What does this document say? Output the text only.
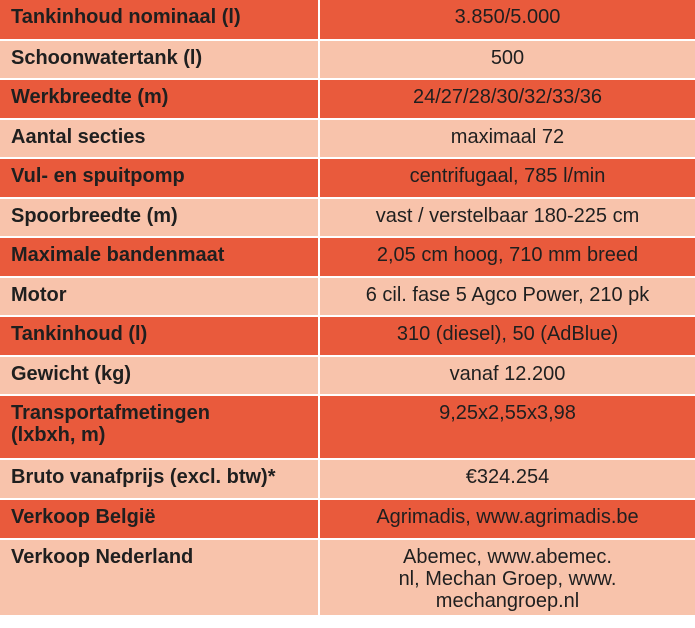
Tankinhoud nominaal (l)	3.850/5.000
Schoonwatertank (l)	500
Werkbreedte (m)	24/27/28/30/32/33/36
Aantal secties	maximaal 72
Vul- en spuitpomp	centrifugaal, 785 l/min
Spoorbreedte (m)	vast / verstelbaar 180-225 cm
Maximale bandenmaat	2,05 cm hoog, 710 mm breed
Motor	6 cil. fase 5 Agco Power, 210 pk
Tankinhoud (l)	310 (diesel), 50 (AdBlue)
Gewicht (kg)	vanaf 12.200

Transportafmetingen
(lxbxh, m)	9,25x2,55x3,98
Bruto vanafprijs (excl. btw)*	€324.254
Verkoop België	Agrimadis, www.agrimadis.be
Verkoop Nederland	Abemec, www.abemec.
nl, Mechan Groep, www.
mechangroep.nl
